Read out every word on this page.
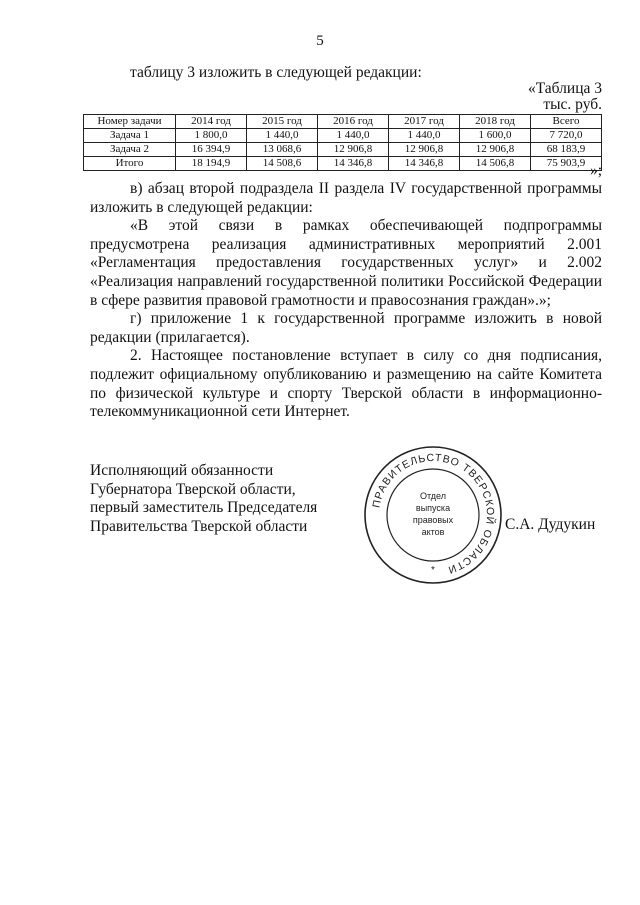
5
таблицу 3 изложить в следующей редакции:
«Таблица 3
тыс. руб.
Номер задачи	2014 год	2015 год	2016 год	2017 год	2018 год	Всего
Задача 1	1 800,0	1 440,0	1 440,0	1 440,0	1 600,0	7 720,0
Задача 2	16 394,9	13 068,6	12 906,8	12 906,8	12 906,8	68 183,9
Итого	18 194,9	14 508,6	14 346,8	14 346,8	14 506,8	75 903,9 »;

в) абзац второй подраздела II раздела IV государственной программы изложить в следующей редакции:

«В этой связи в рамках обеспечивающей подпрограммы предусмотрена реализация административных мероприятий 2.001 «Регламентация предоставления государственных услуг» и 2.002 «Реализация направлений государственной политики Российской Федерации в сфере развития правовой грамотности и правосознания граждан».»;

г) приложение 1 к государственной программе изложить в новой редакции (прилагается).

2. Настоящее постановление вступает в силу со дня подписания, подлежит официальному опубликованию и размещению на сайте Комитета по физической культуре и спорту Тверской области в информационно-телекоммуникационной сети Интернет.

Исполняющий обязанности
Губернатора Тверской области,
первый заместитель Председателя
Правительства Тверской области
ПРАВИТЕЛЬСТВО ТВЕРСКОЙ ОБЛАСТИ
Отдел
выпуска
правовых
актов
*
С.А. Дудукин
